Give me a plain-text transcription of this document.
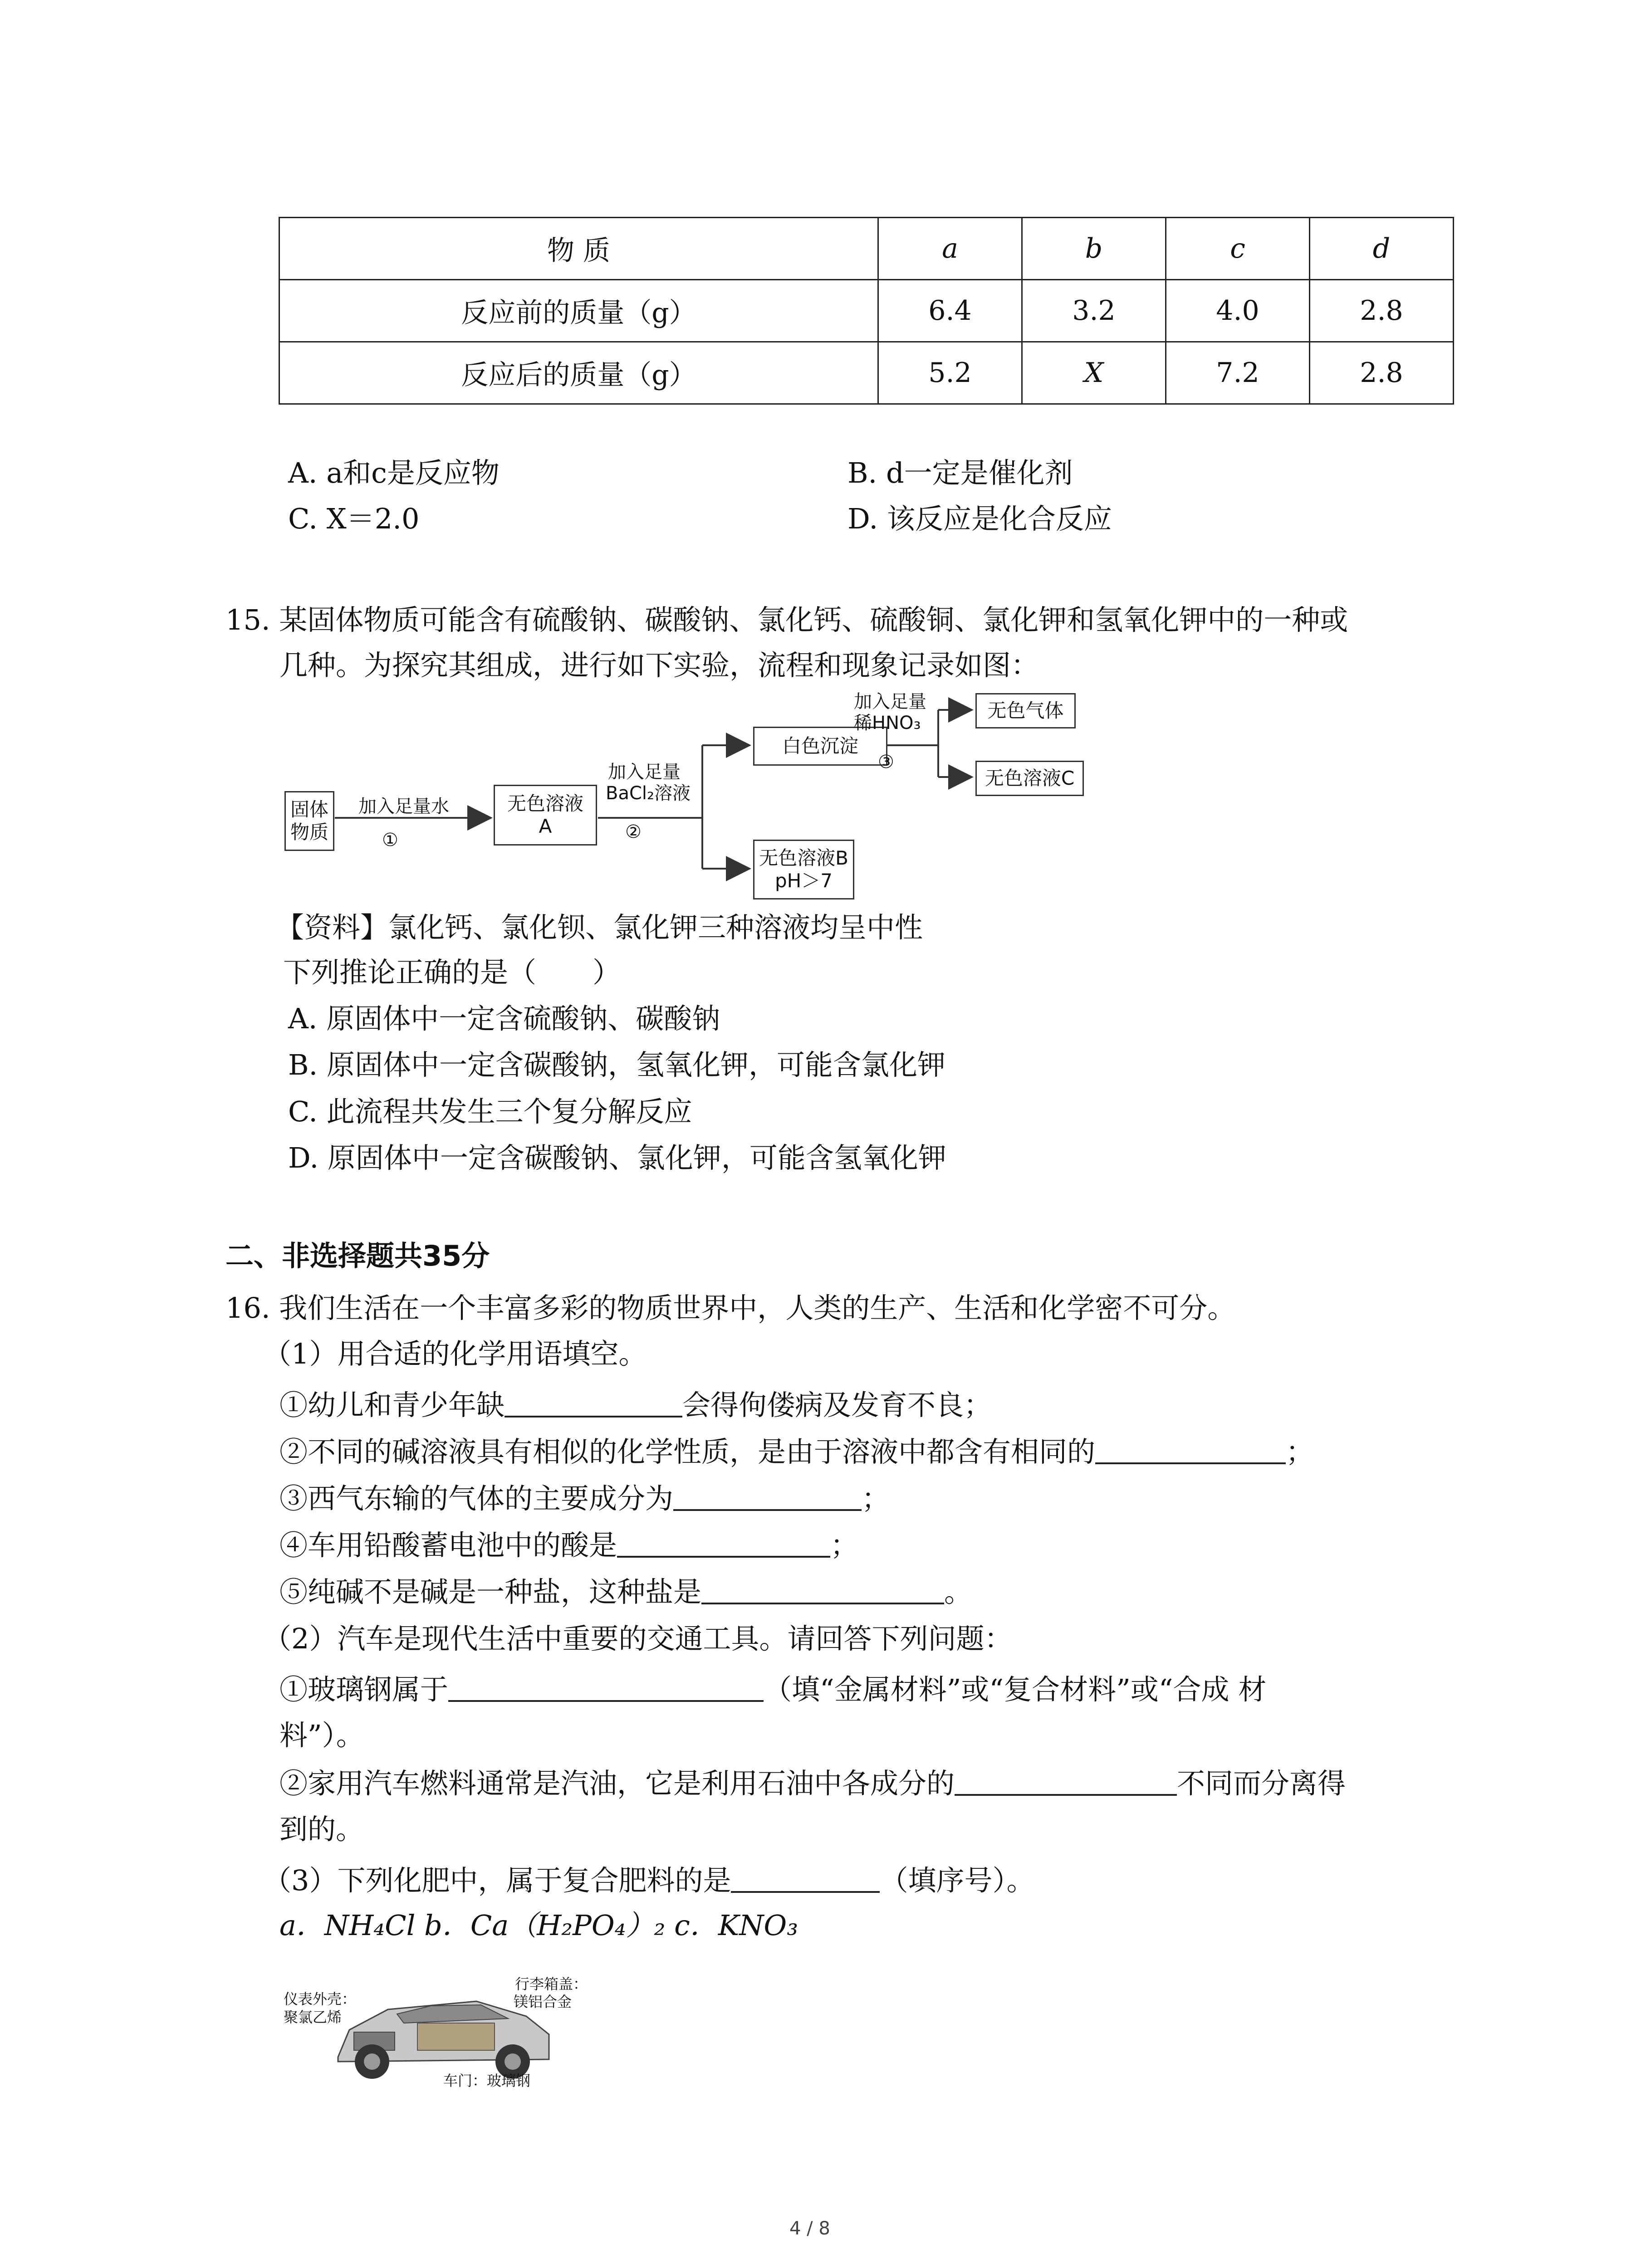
物 质	a	b	c	d
反应前的质量（g）	6.4	3.2	4.0	2.8
反应后的质量（g）	5.2	X	7.2	2.8
A. a和c是反应物	B. d一定是催化剂
C. X＝2.0	D. 该反应是化合反应
15. 某固体物质可能含有硫酸钠、碳酸钠、氯化钙、硫酸铜、氯化钾和氢氧化钾中的一种或
几种。为探究其组成，进行如下实验，流程和现象记录如图：
固体
物质
加入足量水
①
无色溶液
A
加入足量
BaCl₂溶液
②
白色沉淀
加入足量
稀HNO₃
③
无色气体
无色溶液C
无色溶液B
pH＞7
【资料】氯化钙、氯化钡、氯化钾三种溶液均呈中性
下列推论正确的是（　　）
A. 原固体中一定含硫酸钠、碳酸钠
B. 原固体中一定含碳酸钠，氢氧化钾，可能含氯化钾
C. 此流程共发生三个复分解反应
D. 原固体中一定含碳酸钠、氯化钾，可能含氢氧化钾
二、非选择题共35分
16. 我们生活在一个丰富多彩的物质世界中，人类的生产、生活和化学密不可分。
（1）用合适的化学用语填空。
①幼儿和青少年缺	会得佝偻病及发育不良；
②不同的碱溶液具有相似的化学性质，是由于溶液中都含有相同的	；
③西气东输的气体的主要成分为	；
④车用铅酸蓄电池中的酸是	；
⑤纯碱不是碱是一种盐，这种盐是	。
（2）汽车是现代生活中重要的交通工具。请回答下列问题：
①玻璃钢属于	（填“金属材料”或“复合材料”或“合成 材
料”）。
②家用汽车燃料通常是汽油，它是利用石油中各成分的	不同而分离得
到的。
（3）下列化肥中，属于复合肥料的是	（填序号）。
a．NH₄Cl b．Ca（H₂PO₄）₂ c．KNO₃
仪表外壳：
聚氯乙烯
行李箱盖：
镁铝合金
车门：玻璃钢
4 / 8
